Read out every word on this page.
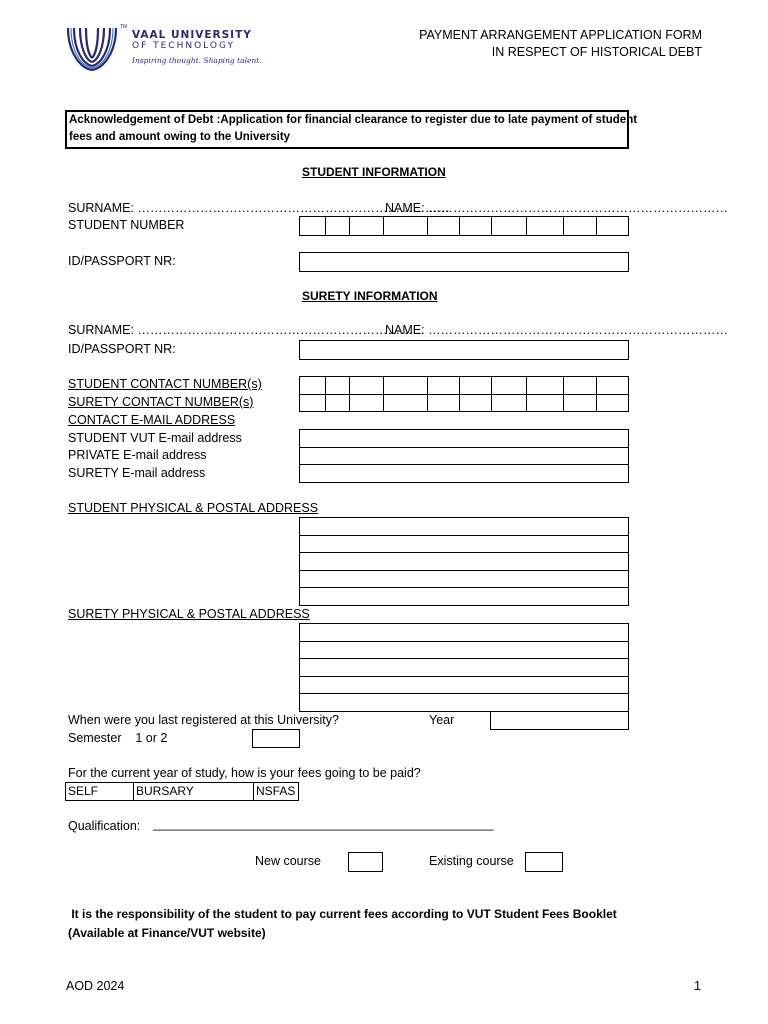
VAAL UNIVERSITY
TM
OF TECHNOLOGY
Inspiring thought. Shaping talent.
PAYMENT ARRANGEMENT APPLICATION FORM
IN RESPECT OF HISTORICAL DEBT
Acknowledgement of Debt :Application for financial clearance to register due to late payment of student
fees and amount owing to the University
STUDENT INFORMATION
SURNAME: …………………………………………………………………
NAME: ………………………………………………………………
STUDENT NUMBER
ID/PASSPORT NR:
SURETY INFORMATION
SURNAME: ……………………………………………………………
NAME: ………………………………………………………………
ID/PASSPORT NR:
STUDENT CONTACT NUMBER(s)
SURETY CONTACT NUMBER(s)
CONTACT E-MAIL ADDRESS
STUDENT VUT E-mail address
PRIVATE E-mail address
SURETY E-mail address
STUDENT PHYSICAL & POSTAL ADDRESS
SURETY PHYSICAL & POSTAL ADDRESS
When were you last registered at this University?	Year
Semester    1 or 2
For the current year of study, how is your fees going to be paid?
SELF	BURSARY	NSFAS
Qualification: _______________________________________________
New course	Existing course
It is the responsibility of the student to pay current fees according to VUT Student Fees Booklet
(Available at Finance/VUT website)
AOD 2024	1
